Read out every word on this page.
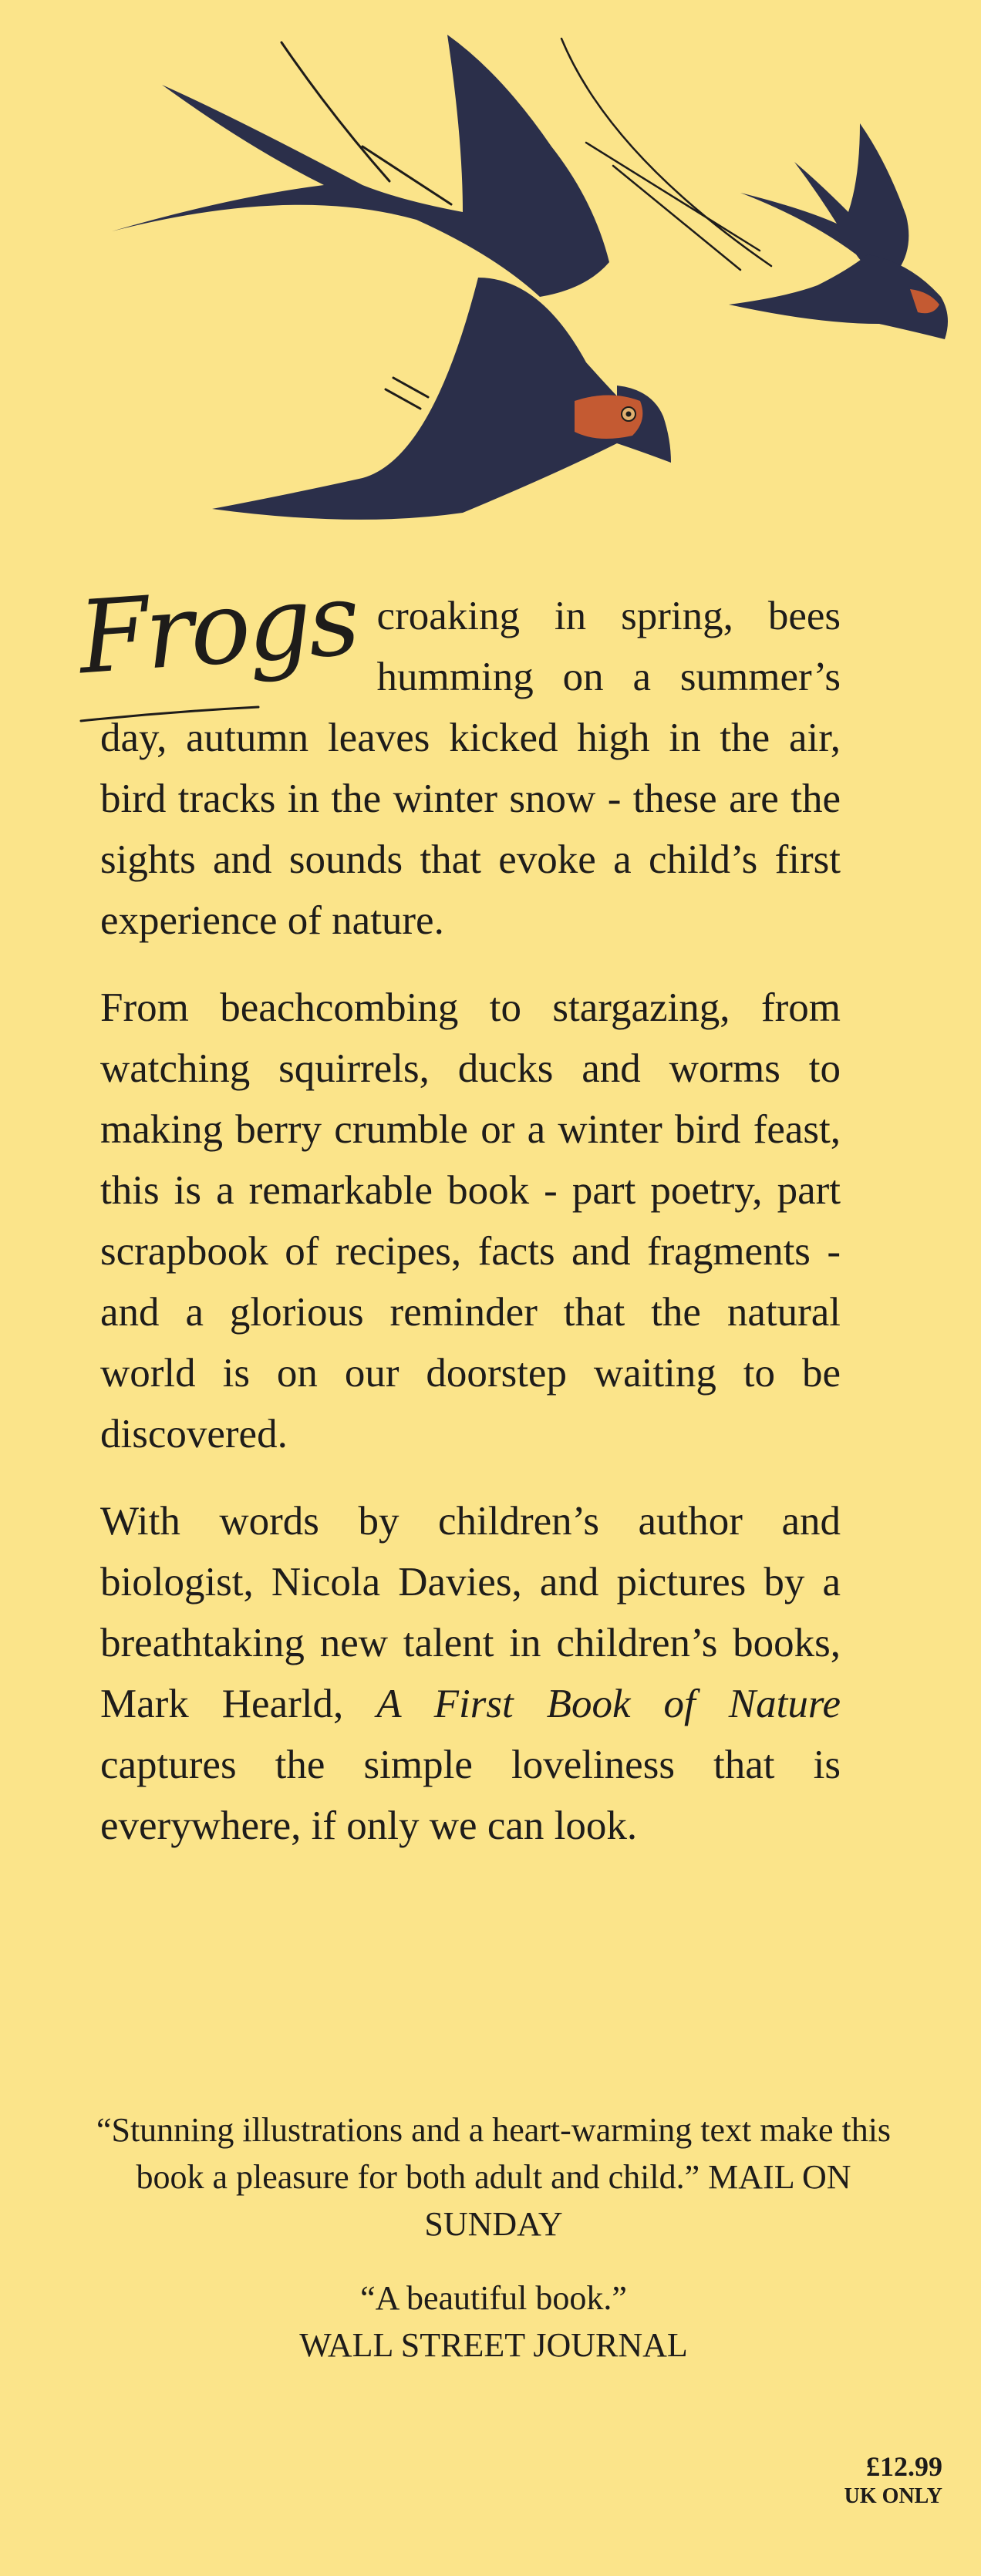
Frogs croaking in spring, bees humming on a summer’s day, autumn leaves kicked high in the air, bird tracks in the winter snow - these are the sights and sounds that evoke a child’s first experience of nature.

From beachcombing to stargazing, from watching squirrels, ducks and worms to making berry crumble or a winter bird feast, this is a remarkable book - part poetry, part scrapbook of recipes, facts and fragments - and a glorious reminder that the natural world is on our doorstep waiting to be discovered.

With words by children’s author and biologist, Nicola Davies, and pictures by a breathtaking new talent in children’s books, Mark Hearld, A First Book of Nature captures the simple loveliness that is everywhere, if only we can look.

“Stunning illustrations and a heart-warming text make this book a pleasure for both adult and child.” MAIL ON SUNDAY
“A beautiful book.”
WALL STREET JOURNAL
£12.99
UK ONLY
